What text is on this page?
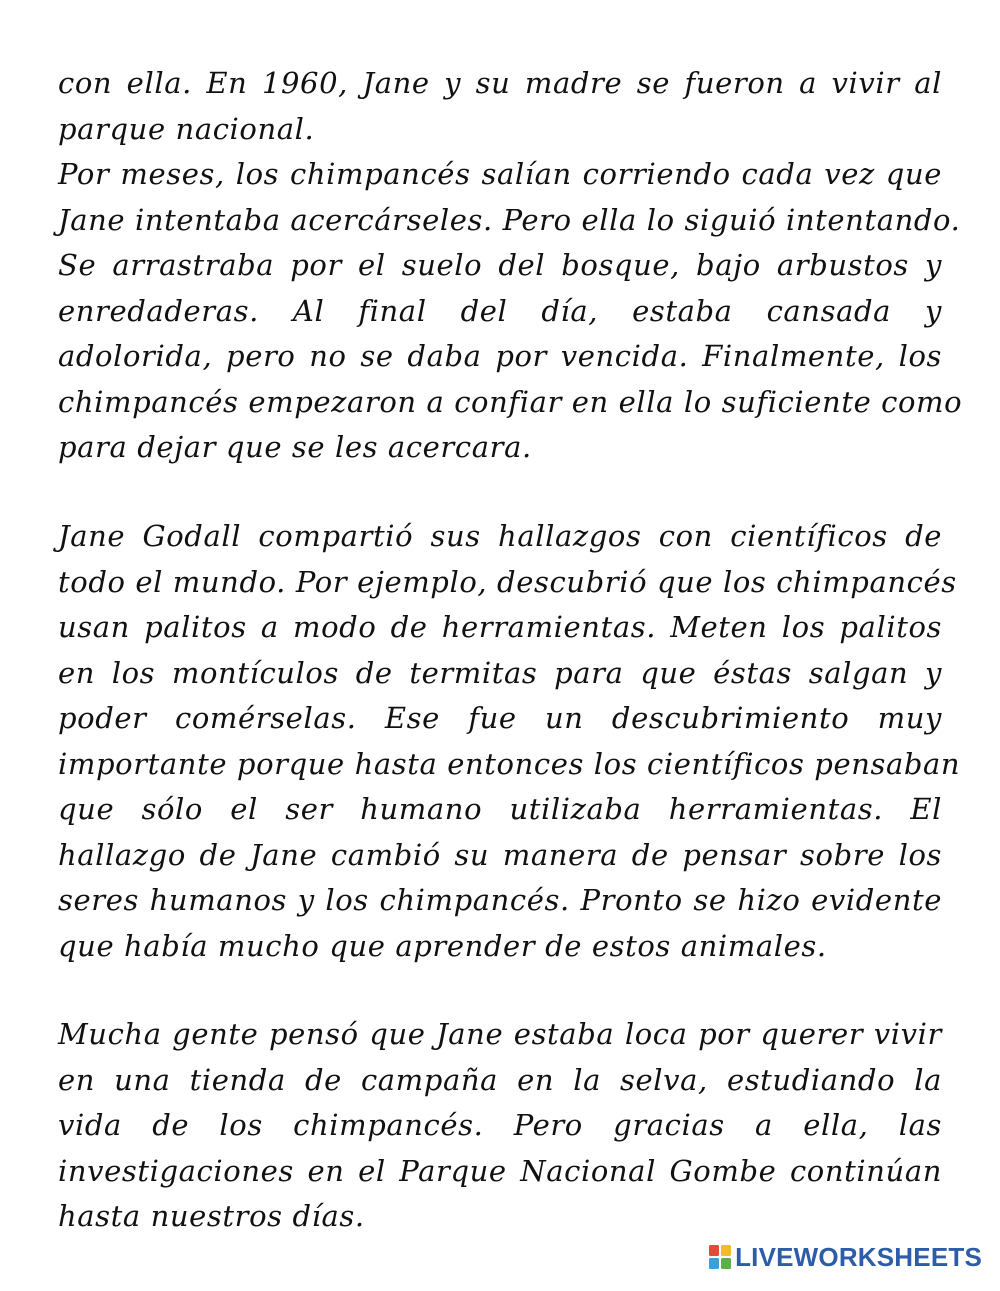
con ella. En 1960, Jane y su madre se fueron a vivir al
parque nacional.
Por meses, los chimpancés salían corriendo cada vez que
Jane intentaba acercárseles. Pero ella lo siguió intentando.
Se arrastraba por el suelo del bosque, bajo arbustos y
enredaderas. Al final del día, estaba cansada y
adolorida, pero no se daba por vencida. Finalmente, los
chimpancés empezaron a confiar en ella lo suficiente como
para dejar que se les acercara.
Jane Godall compartió sus hallazgos con científicos de
todo el mundo. Por ejemplo, descubrió que los chimpancés
usan palitos a modo de herramientas. Meten los palitos
en los montículos de termitas para que éstas salgan y
poder comérselas. Ese fue un descubrimiento muy
importante porque hasta entonces los científicos pensaban
que sólo el ser humano utilizaba herramientas. El
hallazgo de Jane cambió su manera de pensar sobre los
seres humanos y los chimpancés. Pronto se hizo evidente
que había mucho que aprender de estos animales.
Mucha gente pensó que Jane estaba loca por querer vivir
en una tienda de campaña en la selva, estudiando la
vida de los chimpancés. Pero gracias a ella, las
investigaciones en el Parque Nacional Gombe continúan
hasta nuestros días.
LIVEWORKSHEETS
